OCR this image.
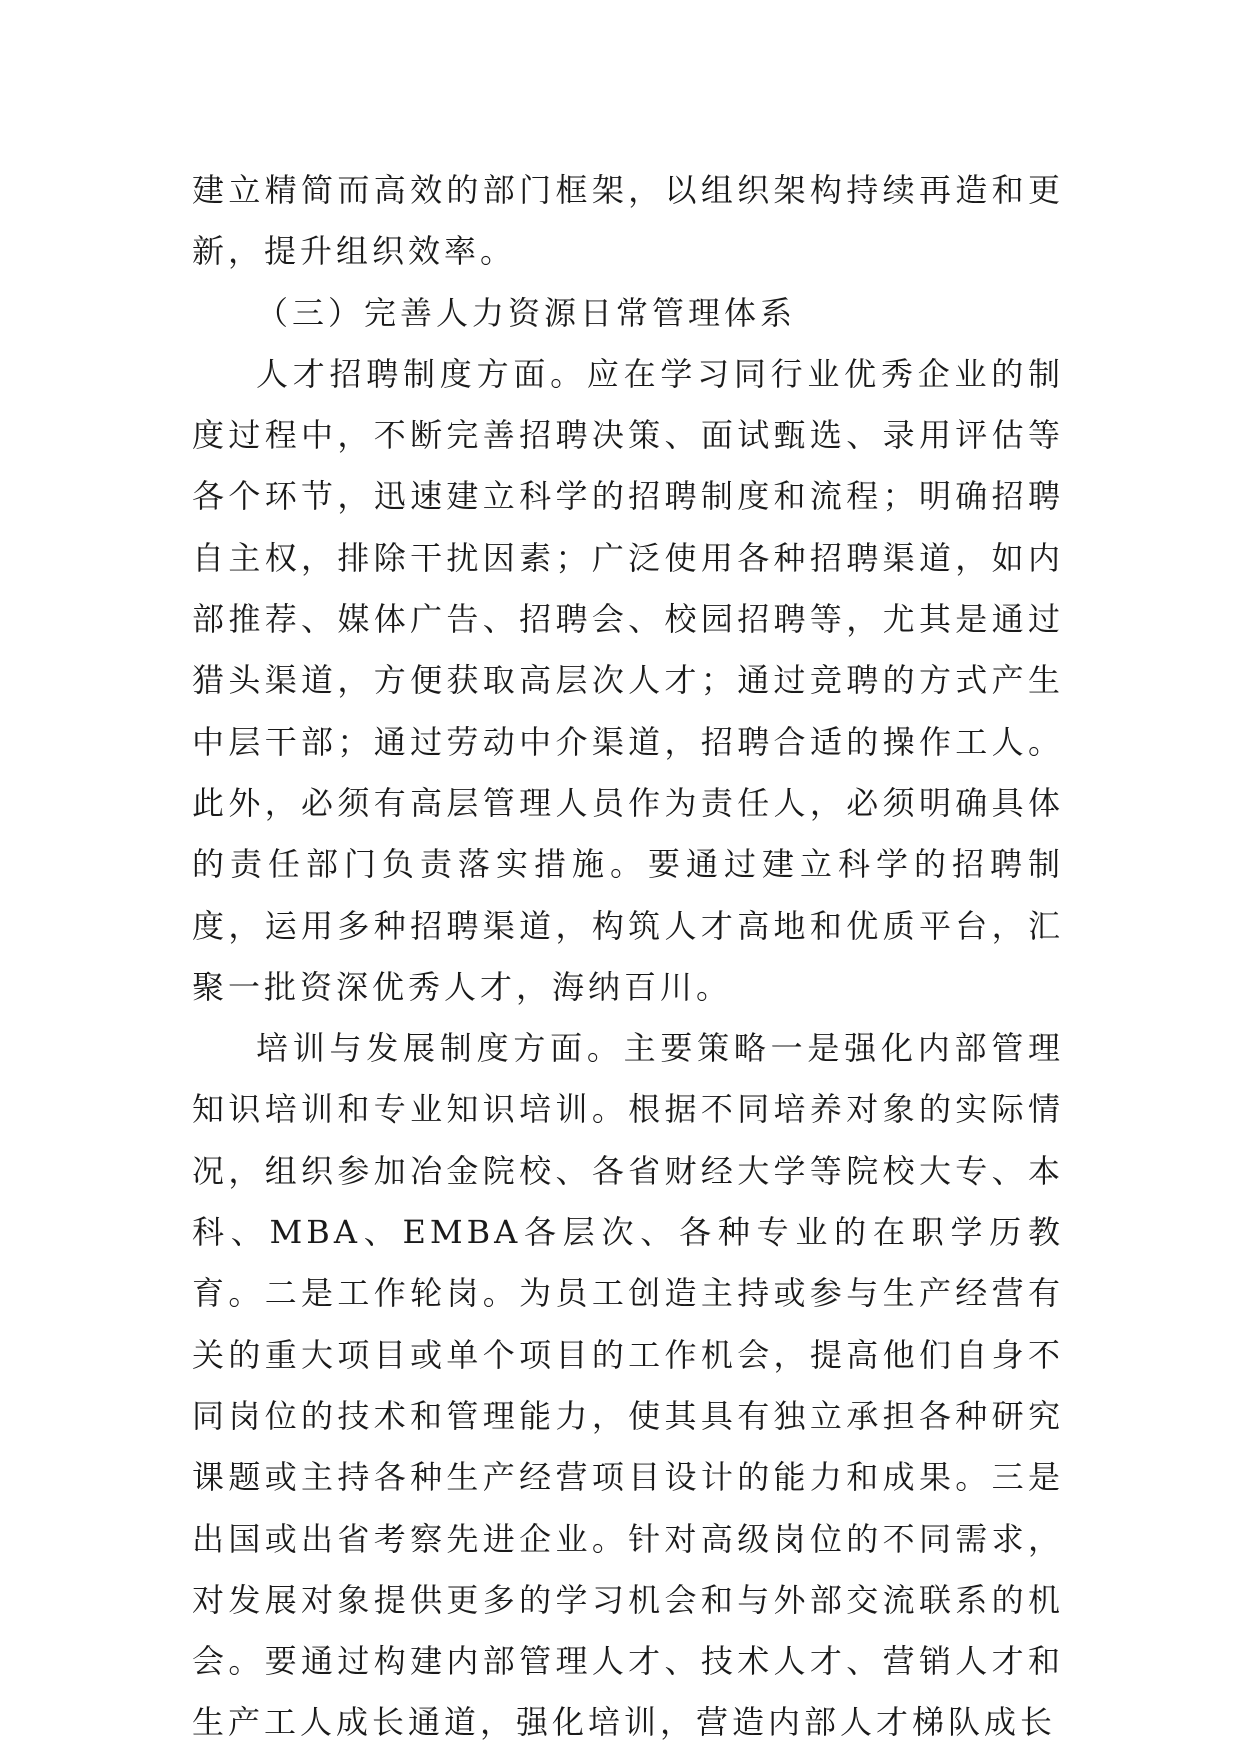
建立精简而高效的部门框架，以组织架构持续再造和更新，提升组织效率。

（三）完善人力资源日常管理体系

人才招聘制度方面。应在学习同行业优秀企业的制度过程中，不断完善招聘决策、面试甄选、录用评估等各个环节，迅速建立科学的招聘制度和流程；明确招聘自主权，排除干扰因素；广泛使用各种招聘渠道，如内部推荐、媒体广告、招聘会、校园招聘等，尤其是通过猎头渠道，方便获取高层次人才；通过竞聘的方式产生中层干部；通过劳动中介渠道，招聘合适的操作工人。此外，必须有高层管理人员作为责任人，必须明确具体的责任部门负责落实措施。要通过建立科学的招聘制度，运用多种招聘渠道，构筑人才高地和优质平台，汇聚一批资深优秀人才，海纳百川。

培训与发展制度方面。主要策略一是强化内部管理知识培训和专业知识培训。根据不同培养对象的实际情况，组织参加冶金院校、各省财经大学等院校大专、本科、MBA、EMBA各层次、各种专业的在职学历教育。二是工作轮岗。为员工创造主持或参与生产经营有关的重大项目或单个项目的工作机会，提高他们自身不同岗位的技术和管理能力，使其具有独立承担各种研究课题或主持各种生产经营项目设计的能力和成果。三是出国或出省考察先进企业。针对高级岗位的不同需求，对发展对象提供更多的学习机会和与外部交流联系的机会。要通过构建内部管理人才、技术人才、营销人才和生产工人成长通道，强化培训，营造内部人才梯队成长
